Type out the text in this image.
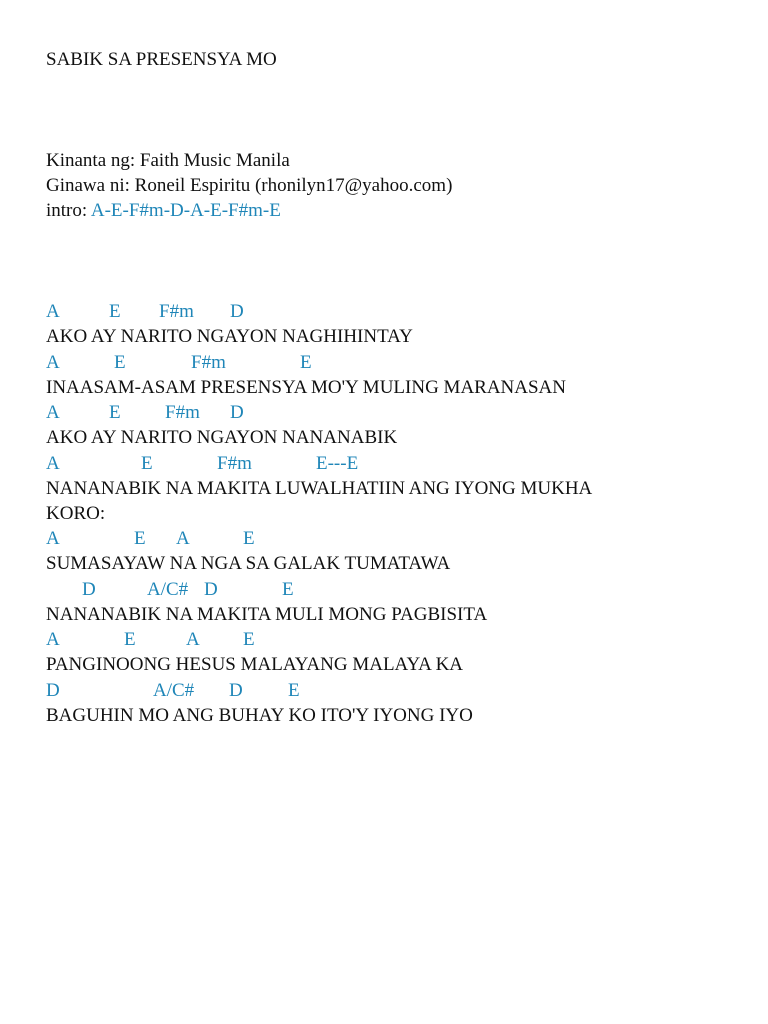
SABIK SA PRESENSYA MO
Kinanta ng: Faith Music Manila
Ginawa ni: Roneil Espiritu (rhonilyn17@yahoo.com)
intro: A-E-F#m-D-A-E-F#m-E
A	E F#m D
AKO AY NARITO NGAYON NAGHIHINTAY
A	E	F#m	E
INAASAM-ASAM PRESENSYA MO'Y MULING MARANASAN
A	E F#m D
AKO AY NARITO NGAYON NANANABIK
A	E	F#m	E---E
NANANABIK NA MAKITA LUWALHATIIN ANG IYONG MUKHA
KORO:
A	E A	E
SUMASAYAW NA NGA SA GALAK TUMATAWA
D	A/C# D	E
NANANABIK NA MAKITA MULI MONG PAGBISITA
A	E	A E
PANGINOONG HESUS MALAYANG MALAYA KA
D	A/C# D E
BAGUHIN MO ANG BUHAY KO ITO'Y IYONG IYO
